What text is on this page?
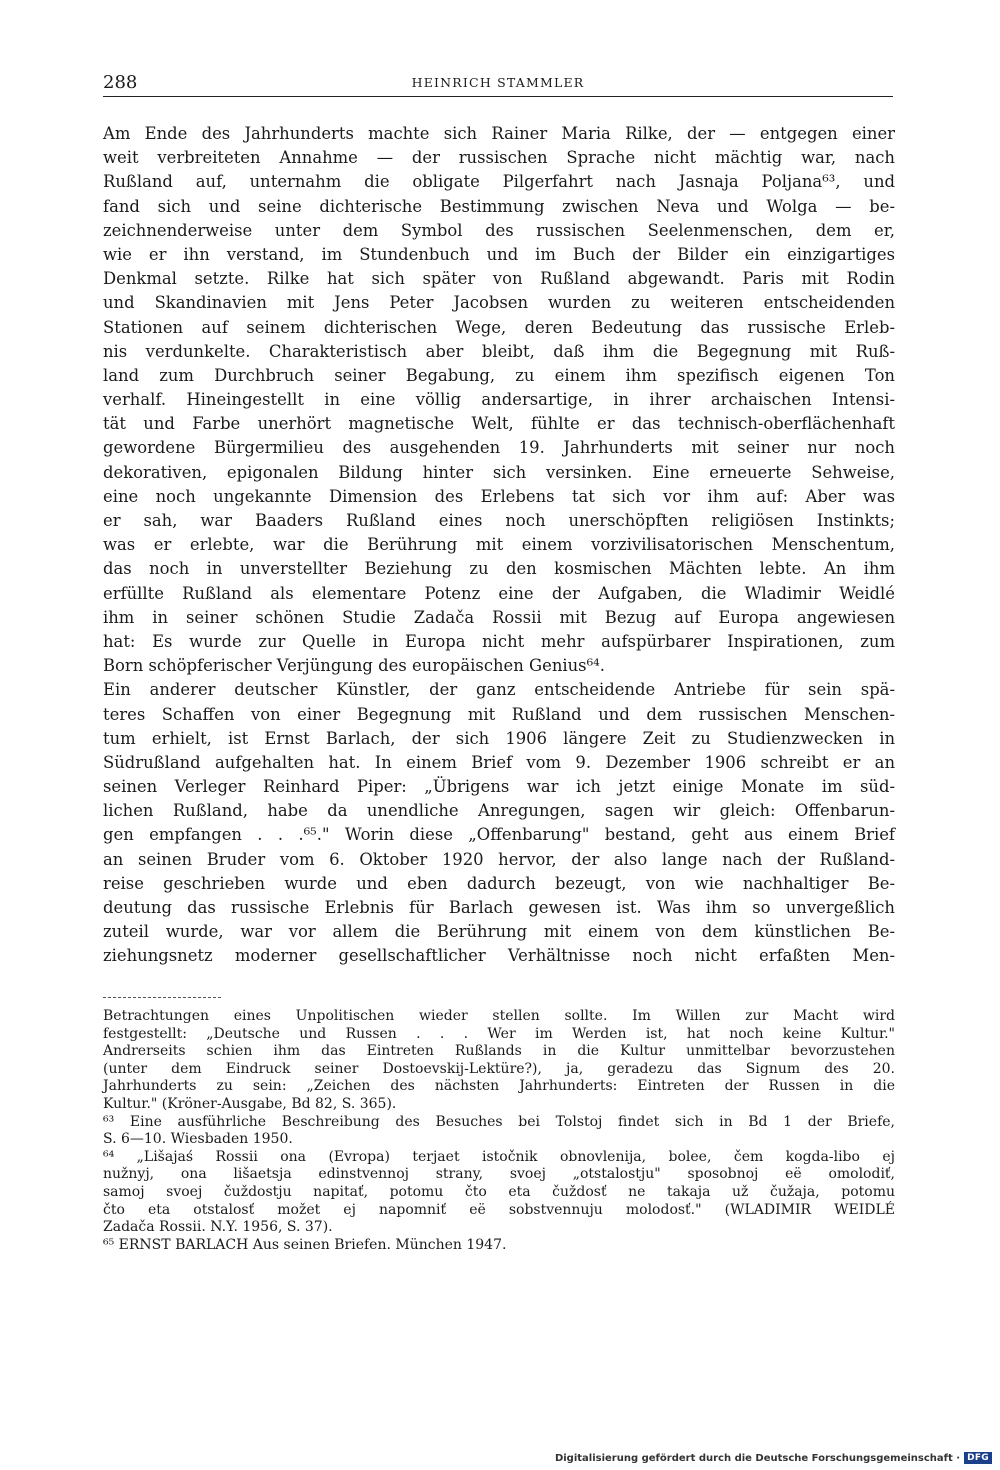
288	HEINRICH STAMMLER
Am Ende des Jahrhunderts machte sich Rainer Maria Rilke, der — entgegen einer
weit verbreiteten Annahme — der russischen Sprache nicht mächtig war, nach
Rußland auf, unternahm die obligate Pilgerfahrt nach Jasnaja Poljana⁶³, und
fand sich und seine dichterische Bestimmung zwischen Neva und Wolga — be-
zeichnenderweise unter dem Symbol des russischen Seelenmenschen, dem er,
wie er ihn verstand, im Stundenbuch und im Buch der Bilder ein einzigartiges
Denkmal setzte. Rilke hat sich später von Rußland abgewandt. Paris mit Rodin
und Skandinavien mit Jens Peter Jacobsen wurden zu weiteren entscheidenden
Stationen auf seinem dichterischen Wege, deren Bedeutung das russische Erleb-
nis verdunkelte. Charakteristisch aber bleibt, daß ihm die Begegnung mit Ruß-
land zum Durchbruch seiner Begabung, zu einem ihm spezifisch eigenen Ton
verhalf. Hineingestellt in eine völlig andersartige, in ihrer archaischen Intensi-
tät und Farbe unerhört magnetische Welt, fühlte er das technisch-oberflächenhaft
gewordene Bürgermilieu des ausgehenden 19. Jahrhunderts mit seiner nur noch
dekorativen, epigonalen Bildung hinter sich versinken. Eine erneuerte Sehweise,
eine noch ungekannte Dimension des Erlebens tat sich vor ihm auf: Aber was
er sah, war Baaders Rußland eines noch unerschöpften religiösen Instinkts;
was er erlebte, war die Berührung mit einem vorzivilisatorischen Menschentum,
das noch in unverstellter Beziehung zu den kosmischen Mächten lebte. An ihm
erfüllte Rußland als elementare Potenz eine der Aufgaben, die Wladimir Weidlé
ihm in seiner schönen Studie Zadača Rossii mit Bezug auf Europa angewiesen
hat: Es wurde zur Quelle in Europa nicht mehr aufspürbarer Inspirationen, zum
Born schöpferischer Verjüngung des europäischen Genius⁶⁴.
Ein anderer deutscher Künstler, der ganz entscheidende Antriebe für sein spä-
teres Schaffen von einer Begegnung mit Rußland und dem russischen Menschen-
tum erhielt, ist Ernst Barlach, der sich 1906 längere Zeit zu Studienzwecken in
Südrußland aufgehalten hat. In einem Brief vom 9. Dezember 1906 schreibt er an
seinen Verleger Reinhard Piper: „Übrigens war ich jetzt einige Monate im süd-
lichen Rußland, habe da unendliche Anregungen, sagen wir gleich: Offenbarun-
gen empfangen . . .⁶⁵." Worin diese „Offenbarung" bestand, geht aus einem Brief
an seinen Bruder vom 6. Oktober 1920 hervor, der also lange nach der Rußland-
reise geschrieben wurde und eben dadurch bezeugt, von wie nachhaltiger Be-
deutung das russische Erlebnis für Barlach gewesen ist. Was ihm so unvergeßlich
zuteil wurde, war vor allem die Berührung mit einem von dem künstlichen Be-
ziehungsnetz moderner gesellschaftlicher Verhältnisse noch nicht erfaßten Men-
Betrachtungen eines Unpolitischen wieder stellen sollte. Im Willen zur Macht wird
festgestellt: „Deutsche und Russen . . . Wer im Werden ist, hat noch keine Kultur."
Andrerseits schien ihm das Eintreten Rußlands in die Kultur unmittelbar bevorzustehen
(unter dem Eindruck seiner Dostoevskij-Lektüre?), ja, geradezu das Signum des 20.
Jahrhunderts zu sein: „Zeichen des nächsten Jahrhunderts: Eintreten der Russen in die
Kultur." (Kröner-Ausgabe, Bd 82, S. 365).
⁶³ Eine ausführliche Beschreibung des Besuches bei Tolstoj findet sich in Bd 1 der Briefe,
S. 6—10. Wiesbaden 1950.
⁶⁴ „Lišajaś Rossii ona (Evropa) terjaet istočnik obnovlenija, bolee, čem kogda-libo ej
nužnyj, ona lišaetsja edinstvennoj strany, svoej „otstalostju" sposobnoj eë omolodiť,
samoj svoej čuždostju napitať, potomu čto eta čuždosť ne takaja už čužaja, potomu
čto eta otstalosť možet ej napomniť eë sobstvennuju molodosť." (WLADIMIR WEIDLÉ
Zadača Rossii. N.Y. 1956, S. 37).
⁶⁵ ERNST BARLACH Aus seinen Briefen. München 1947.
Digitalisierung gefördert durch die Deutsche Forschungsgemeinschaft · DFG
